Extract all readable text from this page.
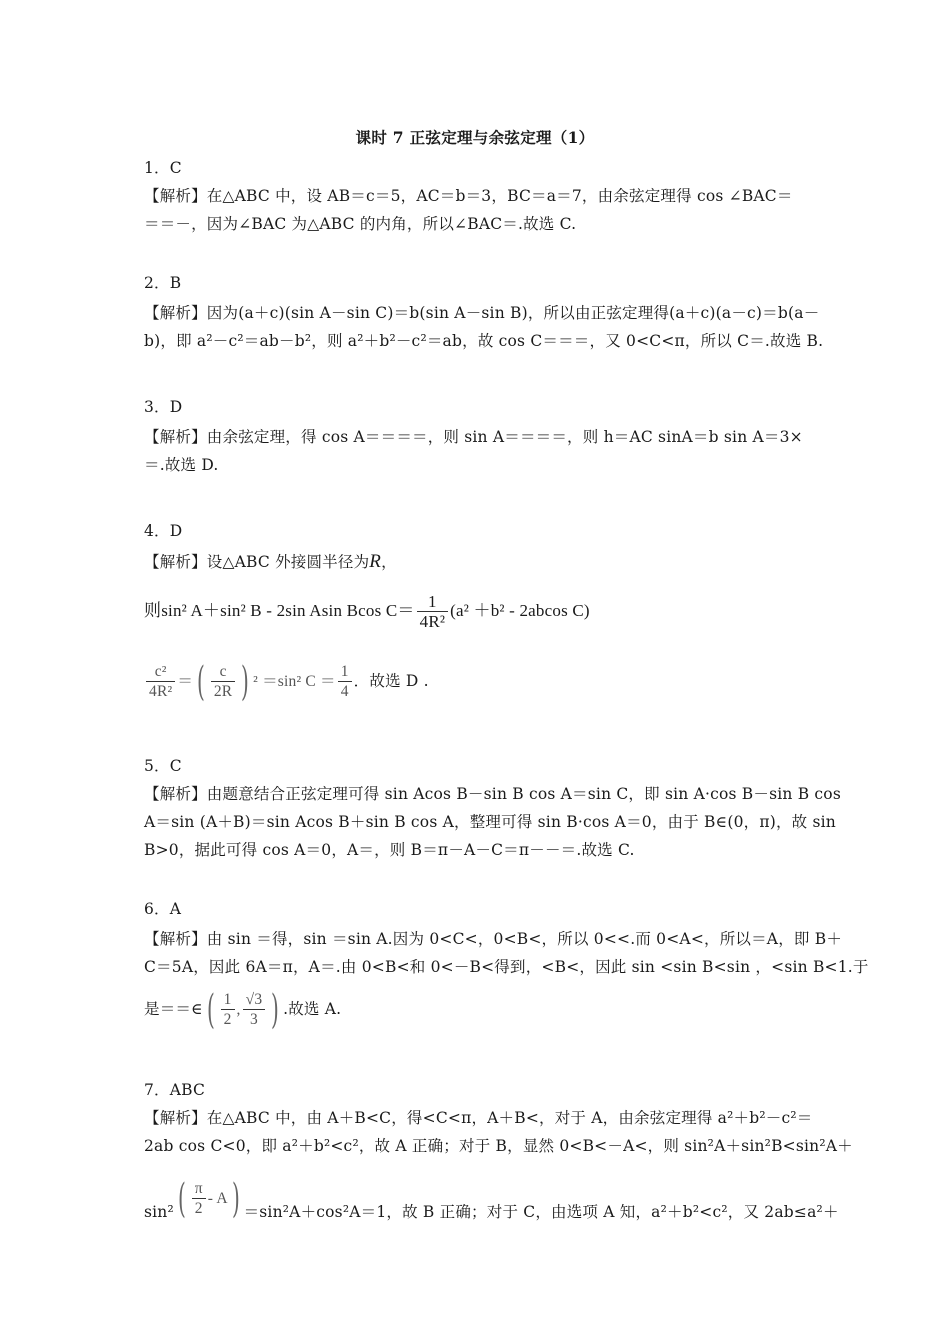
课时 7 正弦定理与余弦定理（1）
1．C
【解析】在△ABC 中，设 AB＝c＝5，AC＝b＝3，BC＝a＝7，由余弦定理得 cos ∠BAC＝
＝＝－，因为∠BAC 为△ABC 的内角，所以∠BAC＝.故选 C.
2．B
【解析】因为(a＋c)(sin A－sin C)＝b(sin A－sin B)，所以由正弦定理得(a＋c)(a－c)＝b(a－
b)，即 a²－c²＝ab－b²，则 a²＋b²－c²＝ab，故 cos C＝＝＝，又 0<C<π，所以 C＝.故选 B.
3．D
【解析】由余弦定理，得 cos A＝＝＝＝，则 sin A＝＝＝＝，则 h＝AC sinA＝b sin A＝3×
＝.故选 D.
4．D
【解析】设△ABC 外接圆半径为R，
则sin² A＋sin² B - 2sin Asin Bcos $C= \frac{1}{\text{4R²}} (a^2 +b^2 - 2abcos$ C)
$\frac{\text{c²}}{\text{4R²}}$ ＝( $\frac{c}{2R}$ ) ² ＝sin² $C = \frac{1}{4}$ ．故选 D .
5．C
【解析】由题意结合正弦定理可得 sin Acos B－sin B cos A＝sin C，即 sin A·cos B－sin B cos
A＝sin (A＋B)＝sin Acos B＋sin B cos A，整理可得 sin B·cos A＝0，由于 B∈(0，π)，故 sin
B>0，据此可得 cos A＝0，A＝，则 B＝π－A－C＝π－－＝.故选 C.
6．A
【解析】由 sin ＝得，sin ＝sin A.因为 0<C<，0<B<，所以 0<<.而 0<A<，所以＝A，即 B＋
C＝5A，因此 6A＝π，A＝.由 0<B<和 0<－B<得到，<B<，因此 sin <sin B<sin ，<sin B<1.于
是＝＝∈( $\frac{1}{2}$ , $\frac{√3}{3}$ ) .故选 A.
7．ABC
【解析】在△ABC 中，由 A＋B<C，得<C<π，A＋B<，对于 A，由余弦定理得 a²＋b²－c²＝
2ab cos C<0，即 a²＋b²<c²，故 A 正确；对于 B，显然 0<B<－A<，则 sin²A＋sin²B<sin²A＋
$\sin^2( \frac{\pi}{2} - A) =\sin^2A+\cos^2A=1$，故 B 正确；对于 C，由选项 A 知，a²＋b²<c²，又 2ab≤a²＋
